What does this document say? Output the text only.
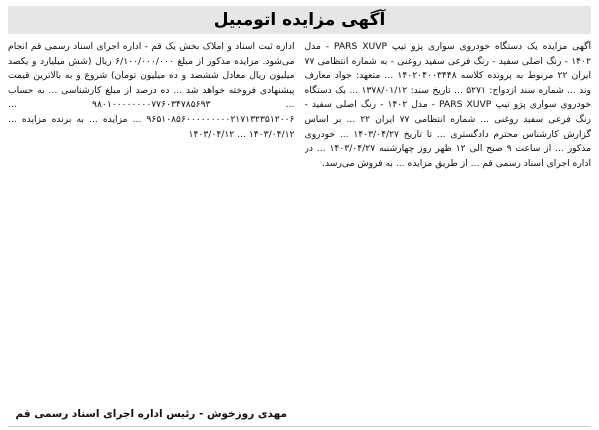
آگهی مزایده اتومبیل

آگهی مزایده یک دستگاه خودروی سواری پژو تیپ PARS XUVP - مدل ۱۴۰۲ - رنگ اصلی سفید - رنگ فرعی سفید روغنی - به شماره انتظامی ۷۷ ایران ۲۲ مربوط به پرونده کلاسه ۱۴۰۲۰۴۰۰۳۴۴۸ ... متعهد: جواد معارف وند ... شماره سند ازدواج: ۵۲۷۱ ... تاریخ سند: ۱۳۷۸/۰۱/۱۲ ... یک دستگاه خودروی سواری پژو تیپ PARS XUVP - مدل ۱۴۰۲ - رنگ اصلی سفید - رنگ فرعی سفید روغنی ... شماره انتظامی ۷۷ ایران ۲۲ ... بر اساس گزارش کارشناس محترم دادگستری ... تا تاریخ ۱۴۰۳/۰۴/۲۷ ... خودروی مذکور ... از ساعت ۹ صبح الی ۱۲ ظهر روز چهارشنبه ۱۴۰۳/۰۴/۲۷ ... در اداره اجرای اسناد رسمی قم ... از طریق مزایده ... به فروش می‌رسد.

اداره ثبت اسناد و املاک بخش یک قم - اداره اجرای اسناد رسمی قم انجام می‌شود. مزایده مذکور از مبلغ ۶/۱۰۰/۰۰۰/۰۰۰ ریال (شش میلیارد و یکصد میلیون ریال معادل ششصد و ده میلیون تومان) شروع و به بالاترین قیمت پیشنهادی فروخته خواهد شد ... ده درصد از مبلغ کارشناسی ... به حساب ... ۹۸۰۱۰۰۰۰۰۰۰۰۷۷۶۰۳۴۷۸۵۶۹۳ ... ۹۶۵۱۰۸۵۶۰۰۰۰۰۰۰۰۰۲۱۷۱۳۲۳۵۱۲۰۰۶ ... مزایده ... به برنده مزایده ... ۱۴۰۳/۰۴/۱۲ ... ۱۴۰۳/۰۴/۱۲

مهدی روزخوش - رئیس اداره اجرای اسناد رسمی قم
